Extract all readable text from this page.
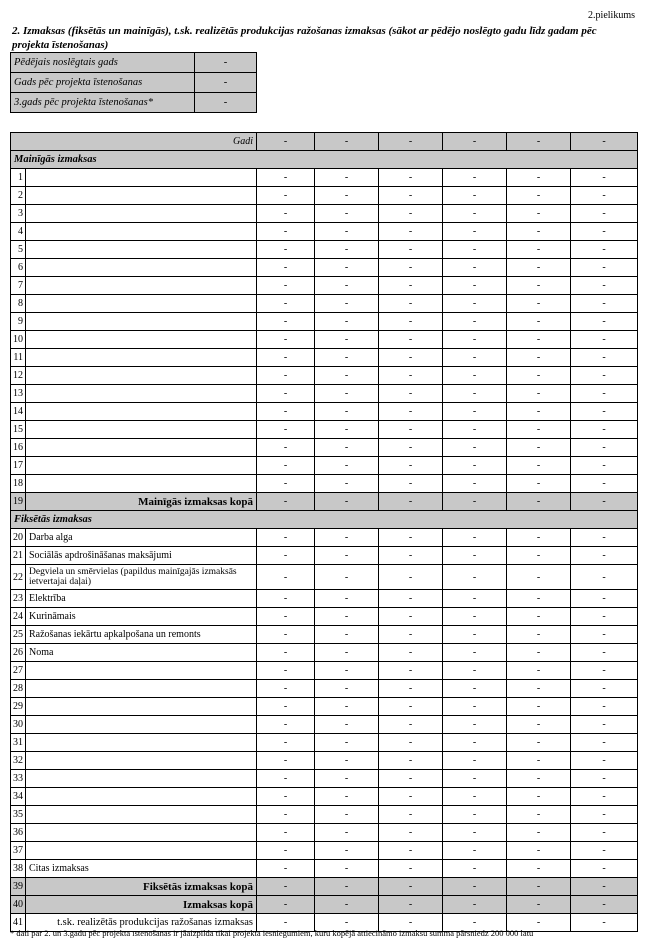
2.pielikums
2. Izmaksas (fiksētās un mainīgās), t.sk. realizētās produkcijas ražošanas izmaksas (sākot ar pēdējo noslēgto gadu līdz gadam pēc projekta īstenošanas)
Pēdējais noslēgtais gads	-
Gads pēc projekta īstenošanas	-
3.gads pēc projekta īstenošanas*	-
Gadi		-	-	-	-	-	-
Mainīgās izmaksas							
1		-	-	-	-	-	-
2		-	-	-	-	-	-
3		-	-	-	-	-	-
4		-	-	-	-	-	-
5		-	-	-	-	-	-
6		-	-	-	-	-	-
7		-	-	-	-	-	-
8		-	-	-	-	-	-
9		-	-	-	-	-	-
10		-	-	-	-	-	-
11		-	-	-	-	-	-
12		-	-	-	-	-	-
13		-	-	-	-	-	-
14		-	-	-	-	-	-
15		-	-	-	-	-	-
16		-	-	-	-	-	-
17		-	-	-	-	-	-
18		-	-	-	-	-	-
19	Mainīgās izmaksas kopā	-	-	-	-	-	-
Fiksētās izmaksas							
20	Darba alga	-	-	-	-	-	-
21	Sociālās apdrošināšanas maksājumi	-	-	-	-	-	-
22	Degviela un smērvielas (papildus mainīgajās izmaksās ietvertajai daļai)	-	-	-	-	-	-
23	Elektrība	-	-	-	-	-	-
24	Kurināmais	-	-	-	-	-	-
25	Ražošanas iekārtu apkalpošana un remonts	-	-	-	-	-	-
26	Noma	-	-	-	-	-	-
27		-	-	-	-	-	-
28		-	-	-	-	-	-
29		-	-	-	-	-	-
30		-	-	-	-	-	-
31		-	-	-	-	-	-
32		-	-	-	-	-	-
33		-	-	-	-	-	-
34		-	-	-	-	-	-
35		-	-	-	-	-	-
36		-	-	-	-	-	-
37		-	-	-	-	-	-
38	Citas izmaksas	-	-	-	-	-	-
39	Fiksētās izmaksas kopā	-	-	-	-	-	-
40	Izmaksas kopā	-	-	-	-	-	-
41	t.sk. realizētās produkcijas ražošanas izmaksas	-	-	-	-	-	-
* dati par 2. un 3.gadu pēc projekta īstenošanas ir jāaizpilda tikai projekta iesniegumiem, kuru kopējā attiecināmo izmaksu summa pārsniedz 200 000 latu
